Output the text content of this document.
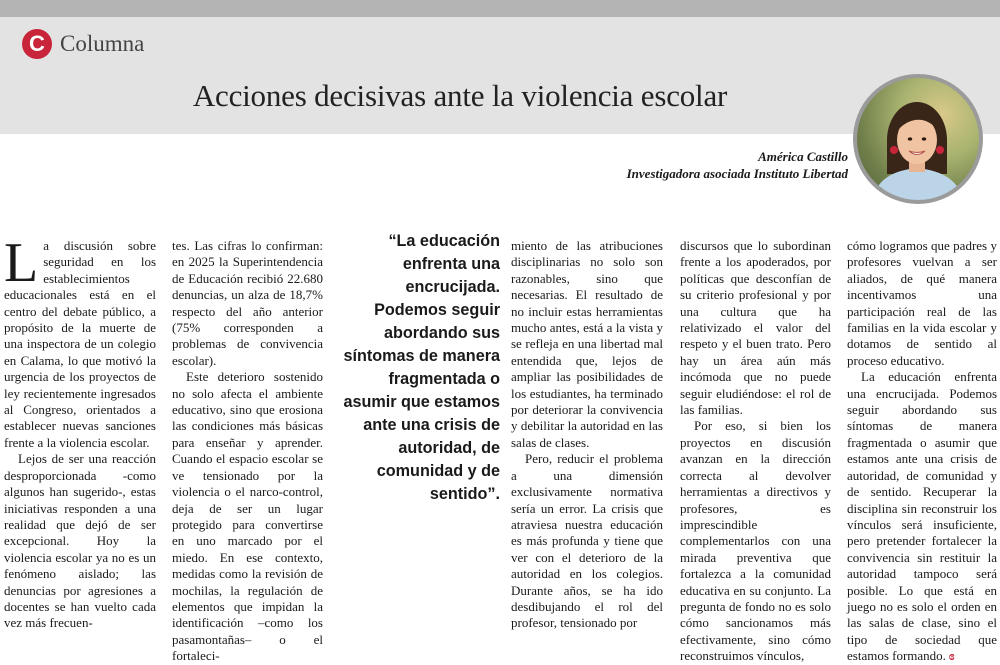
C Columna
Acciones decisivas ante la violencia escolar
América Castillo
Investigadora asociada Instituto Libertad

La discusión sobre seguridad en los establecimientos educacionales está en el centro del debate público, a propósito de la muerte de una inspectora de un colegio en Calama, lo que motivó la urgencia de los proyectos de ley recientemente ingresados al Congreso, orientados a establecer nuevas sanciones frente a la violencia escolar.

Lejos de ser una reacción desproporcionada -como algunos han sugerido-, estas iniciativas responden a una realidad que dejó de ser excepcional. Hoy la violencia escolar ya no es un fenómeno aislado; las denuncias por agresiones a docentes se han vuelto cada vez más frecuen-

tes. Las cifras lo confirman: en 2025 la Superintendencia de Educación recibió 22.680 denuncias, un alza de 18,7% respecto del año anterior (75% corresponden a problemas de convivencia escolar).

Este deterioro sostenido no solo afecta el ambiente educativo, sino que erosiona las condiciones más básicas para enseñar y aprender. Cuando el espacio escolar se ve tensionado por la violencia o el narco-control, deja de ser un lugar protegido para convertirse en uno marcado por el miedo. En ese contexto, medidas como la revisión de mochilas, la regulación de elementos que impidan la identificación –como los pasamontañas– o el fortaleci-

“La educación enfrenta una encrucijada. Podemos seguir abordando sus síntomas de manera fragmentada o asumir que estamos ante una crisis de autoridad, de comunidad y de sentido”.

miento de las atribuciones disciplinarias no solo son razonables, sino que necesarias. El resultado de no incluir estas herramientas mucho antes, está a la vista y se refleja en una libertad mal entendida que, lejos de ampliar las posibilidades de los estudiantes, ha terminado por deteriorar la convivencia y debilitar la autoridad en las salas de clases.

Pero, reducir el problema a una dimensión exclusivamente normativa sería un error. La crisis que atraviesa nuestra educación es más profunda y tiene que ver con el deterioro de la autoridad en los colegios. Durante años, se ha ido desdibujando el rol del profesor, tensionado por

discursos que lo subordinan frente a los apoderados, por políticas que desconfían de su criterio profesional y por una cultura que ha relativizado el valor del respeto y el buen trato. Pero hay un área aún más incómoda que no puede seguir eludiéndose: el rol de las familias.

Por eso, si bien los proyectos en discusión avanzan en la dirección correcta al devolver herramientas a directivos y profesores, es imprescindible complementarlos con una mirada preventiva que fortalezca a la comunidad educativa en su conjunto. La pregunta de fondo no es solo cómo sancionamos más efectivamente, sino cómo reconstruimos vínculos,

cómo logramos que padres y profesores vuelvan a ser aliados, de qué manera incentivamos una participación real de las familias en la vida escolar y dotamos de sentido al proceso educativo.

La educación enfrenta una encrucijada. Podemos seguir abordando sus síntomas de manera fragmentada o asumir que estamos ante una crisis de autoridad, de comunidad y de sentido. Recuperar la disciplina sin reconstruir los vínculos será insuficiente, pero pretender fortalecer la convivencia sin restituir la autoridad tampoco será posible. Lo que está en juego no es solo el orden en las salas de clase, sino el tipo de sociedad que estamos formando. ɞ
